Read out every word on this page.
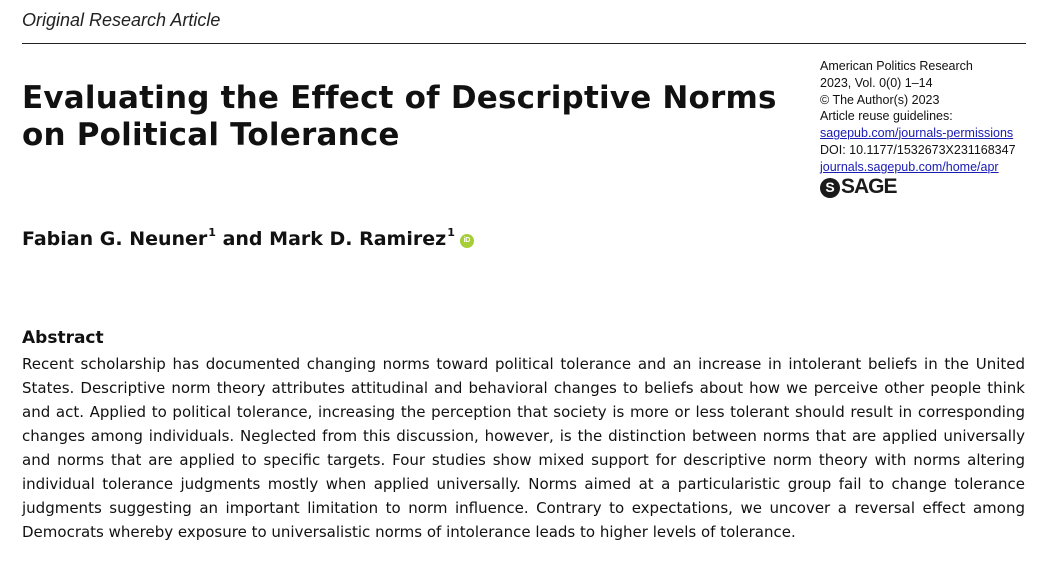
Original Research Article
Evaluating the Effect of Descriptive Norms on Political Tolerance
American Politics Research
2023, Vol. 0(0) 1–14
© The Author(s) 2023
Article reuse guidelines:
sagepub.com/journals-permissions
DOI: 10.1177/1532673X231168347
journals.sagepub.com/home/apr
S SAGE
Fabian G. Neuner$^1$ and Mark D. Ramirez$^1$
iD
Abstract

Recent scholarship has documented changing norms toward political tolerance and an increase in intolerant beliefs in the United States. Descriptive norm theory attributes attitudinal and behavioral changes to beliefs about how we perceive other people think and act. Applied to political tolerance, increasing the perception that society is more or less tolerant should result in corresponding changes among individuals. Neglected from this discussion, however, is the distinction between norms that are applied universally and norms that are applied to specific targets. Four studies show mixed support for descriptive norm theory with norms altering individual tolerance judgments mostly when applied universally. Norms aimed at a particularistic group fail to change tolerance judgments suggesting an important limitation to norm influence. Contrary to expectations, we uncover a reversal effect among Democrats whereby exposure to universalistic norms of intolerance leads to higher levels of tolerance.
